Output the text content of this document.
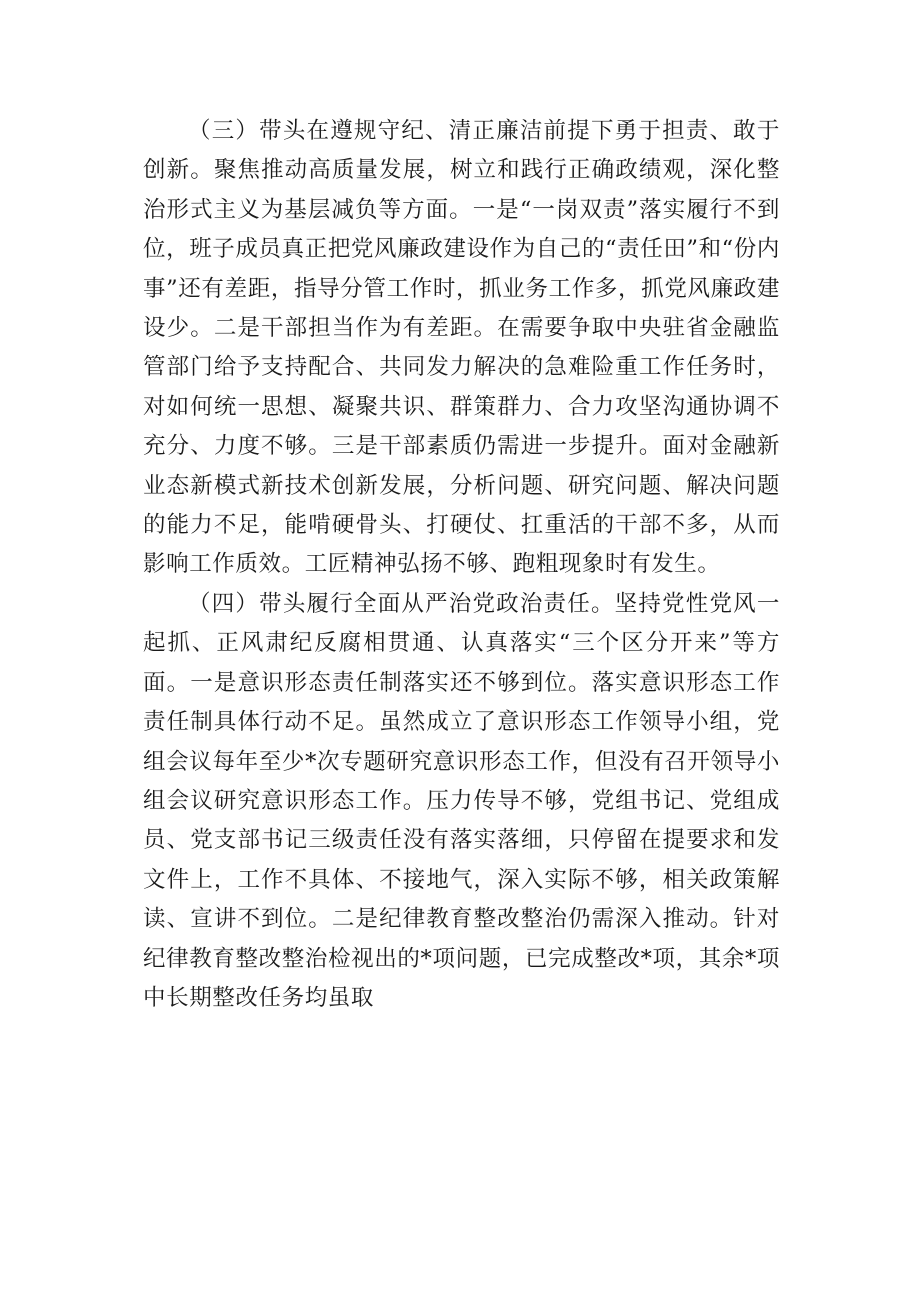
（三）带头在遵规守纪、清正廉洁前提下勇于担责、敢于创新。聚焦推动高质量发展，树立和践行正确政绩观，深化整治形式主义为基层减负等方面。一是“一岗双责”落实履行不到位，班子成员真正把党风廉政建设作为自己的“责任田”和“份内事”还有差距，指导分管工作时，抓业务工作多，抓党风廉政建设少。二是干部担当作为有差距。在需要争取中央驻省金融监管部门给予支持配合、共同发力解决的急难险重工作任务时，对如何统一思想、凝聚共识、群策群力、合力攻坚沟通协调不充分、力度不够。三是干部素质仍需进一步提升。面对金融新业态新模式新技术创新发展，分析问题、研究问题、解决问题的能力不足，能啃硬骨头、打硬仗、扛重活的干部不多，从而影响工作质效。工匠精神弘扬不够、跑粗现象时有发生。

（四）带头履行全面从严治党政治责任。坚持党性党风一起抓、正风肃纪反腐相贯通、认真落实“三个区分开来”等方面。一是意识形态责任制落实还不够到位。落实意识形态工作责任制具体行动不足。虽然成立了意识形态工作领导小组，党组会议每年至少*次专题研究意识形态工作，但没有召开领导小组会议研究意识形态工作。压力传导不够，党组书记、党组成员、党支部书记三级责任没有落实落细，只停留在提要求和发文件上，工作不具体、不接地气，深入实际不够，相关政策解读、宣讲不到位。二是纪律教育整改整治仍需深入推动。针对纪律教育整改整治检视出的*项问题，已完成整改*项，其余*项中长期整改任务均虽取
